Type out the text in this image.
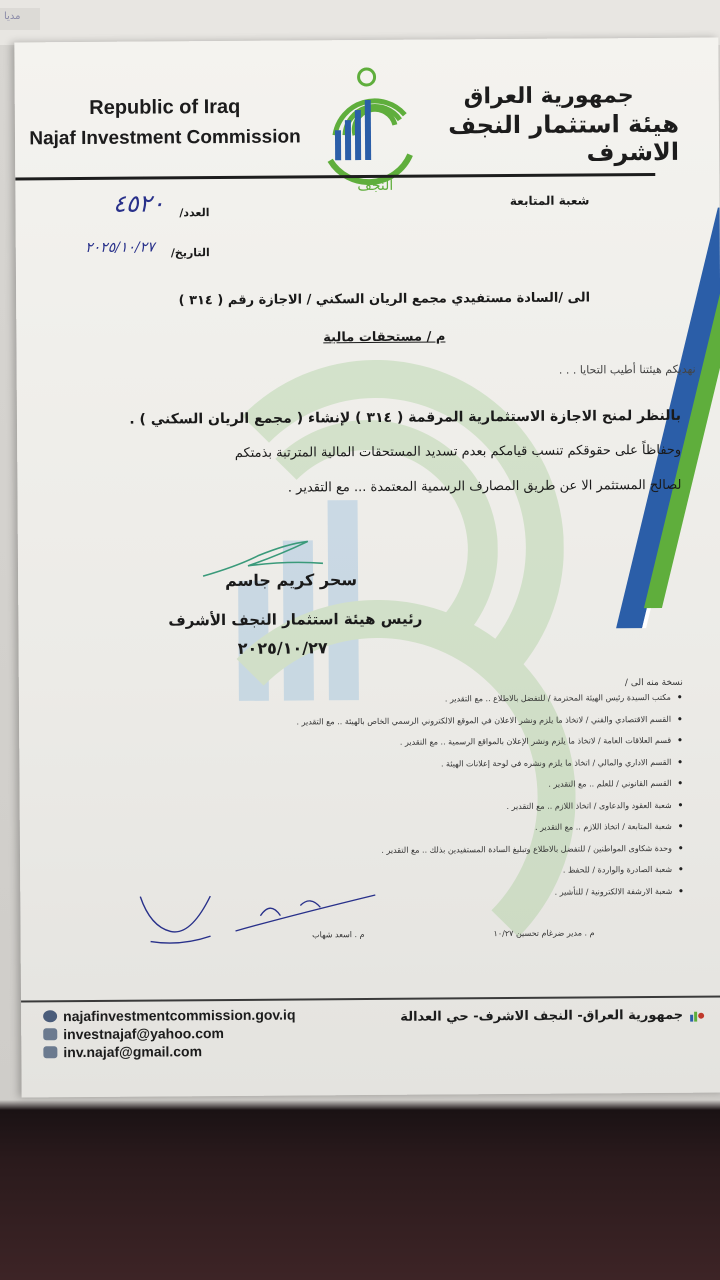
مديا
Republic of Iraq
Najaf Investment Commission
النجف
جمهورية العراق
هيئة استثمار النجف الاشرف
شعبة المتابعة
العدد/
٤٥٢٠
التاريخ/
٢٠٢٥/١٠/٢٧
الى /السادة مستفيدي مجمع الريان السكني / الاجازة رقم ( ٣١٤ )
م / مستحقات مالية
نهديكم هيئتنا أطيب التحايا . . .
بالنظر لمنح الاجازة الاستثمارية المرقمة ( ٣١٤ ) لإنشاء ( مجمع الريان السكني ) .
وحفاظاً على حقوقكم تنسب قيامكم بعدم تسديد المستحقات المالية المترتبة بذمتكم
لصالح المستثمر الا عن طريق المصارف الرسمية المعتمدة ... مع التقدير .
سحر كريم جاسم
رئيس هيئة استثمار النجف الأشرف
٢٠٢٥/١٠/٢٧
نسخة منه الى /
• مكتب السيدة رئيس الهيئة المحترمة / للتفضل بالاطلاع .. مع التقدير .
• القسم الاقتصادي والفني / لاتخاذ ما يلزم ونشر الاعلان في الموقع الالكتروني الرسمي الخاص بالهيئة .. مع التقدير .
• قسم العلاقات العامة / لاتخاذ ما يلزم ونشر الإعلان بالمواقع الرسمية .. مع التقدير .
• القسم الاداري والمالي / اتخاذ ما يلزم ونشره في لوحة إعلانات الهيئة .
• القسم القانوني / للعلم .. مع التقدير .
• شعبة العقود والدعاوى / اتخاذ اللازم .. مع التقدير .
• شعبة المتابعة / اتخاذ اللازم .. مع التقدير .
• وحدة شكاوى المواطنين / للتفضل بالاطلاع وتبليغ السادة المستفيدين بذلك .. مع التقدير .
• شعبة الصادرة والواردة / للحفظ .
• شعبة الارشفة الالكترونية / للتأشير .
م . اسعد شهاب	م . مدير ضرغام تحسين ١٠/٢٧
najafinvestmentcommission.gov.iq
investnajaf@yahoo.com
inv.najaf@gmail.com
جمهورية العراق- النجف الاشرف- حي العدالة
